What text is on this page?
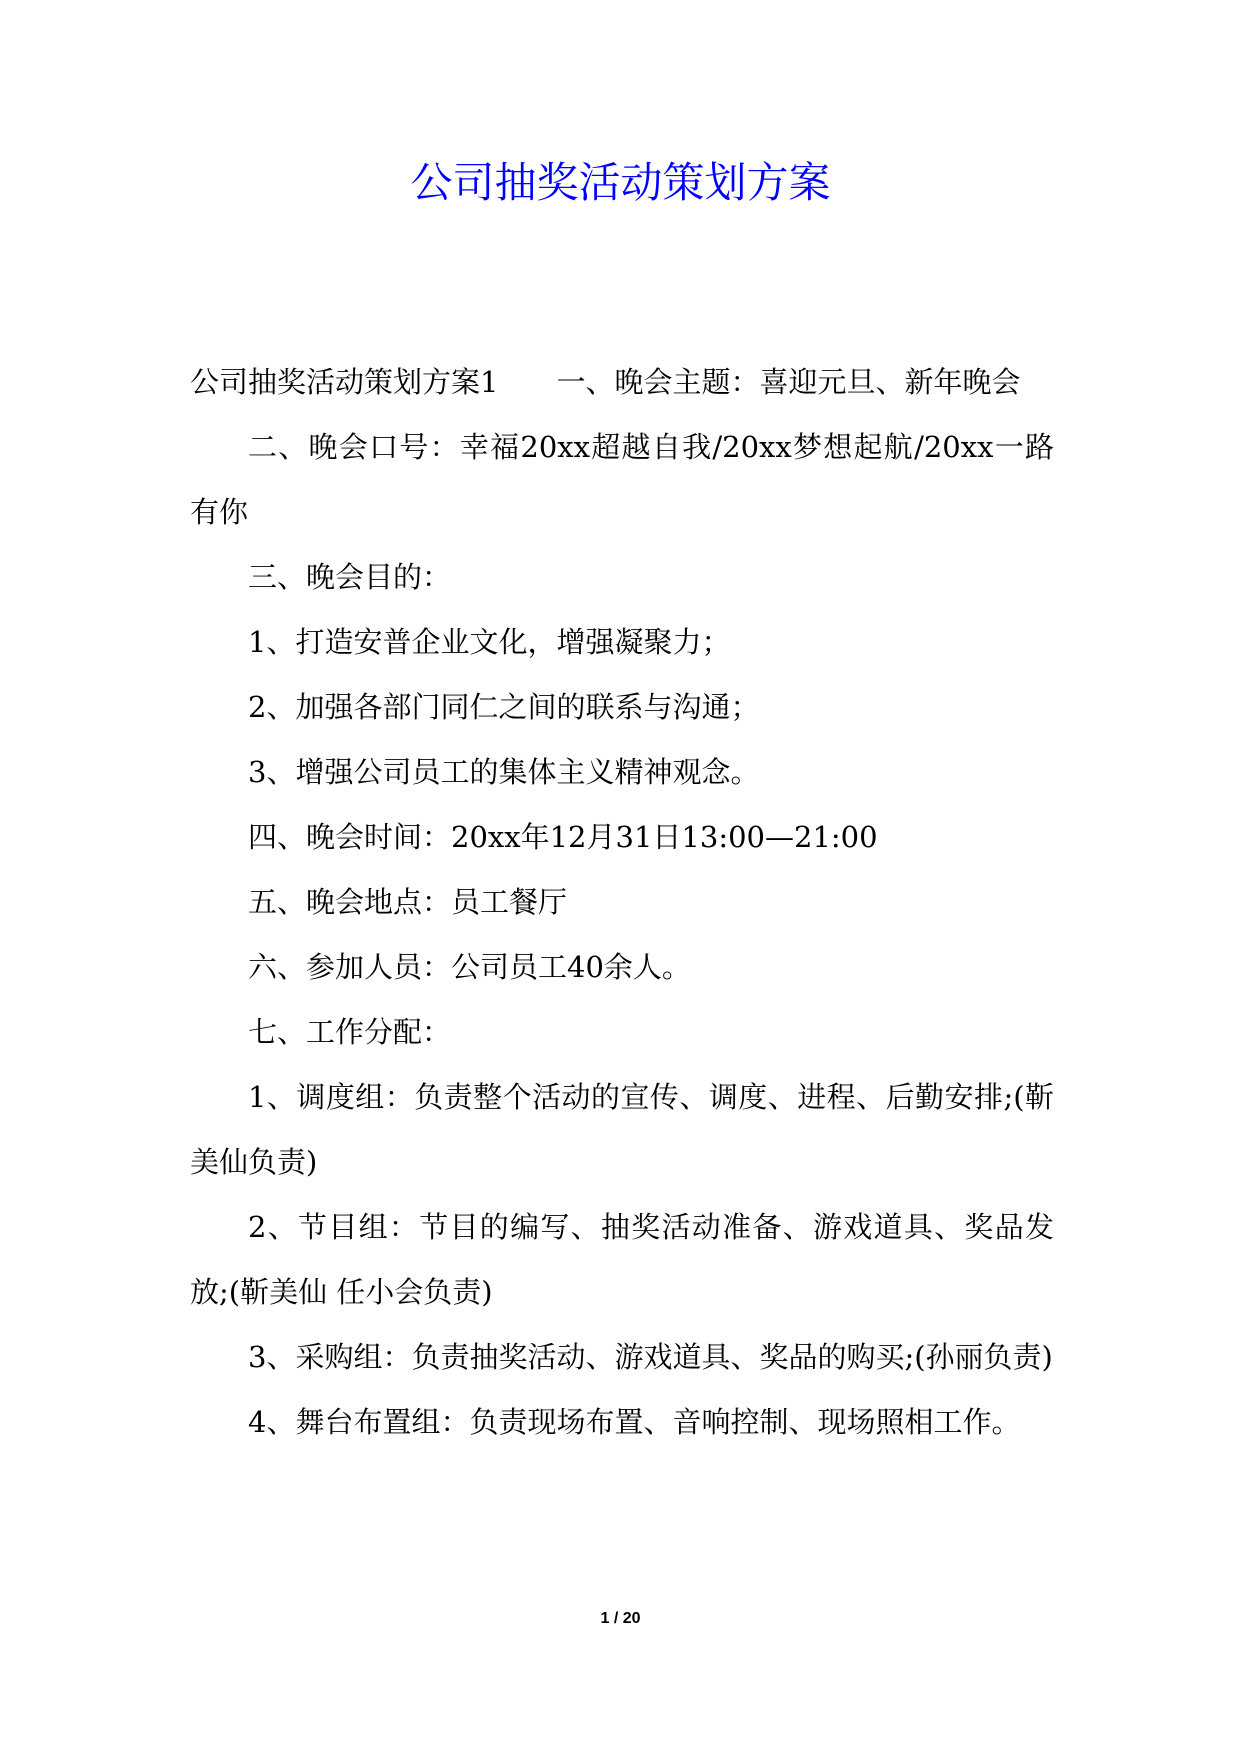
公司抽奖活动策划方案

公司抽奖活动策划方案1　　一、晚会主题：喜迎元旦、新年晚会

二、晚会口号：幸福20xx超越自我/20xx梦想起航/20xx一路有你

三、晚会目的：

1、打造安普企业文化，增强凝聚力；

2、加强各部门同仁之间的联系与沟通；

3、增强公司员工的集体主义精神观念。

四、晚会时间：20xx年12月31日13:00—21:00

五、晚会地点：员工餐厅

六、参加人员：公司员工40余人。

七、工作分配：

1、调度组：负责整个活动的宣传、调度、进程、后勤安排;(靳美仙负责)

2、节目组：节目的编写、抽奖活动准备、游戏道具、奖品发放;(靳美仙 任小会负责)

3、采购组：负责抽奖活动、游戏道具、奖品的购买;(孙丽负责)

4、舞台布置组：负责现场布置、音响控制、现场照相工作。

1 / 20
